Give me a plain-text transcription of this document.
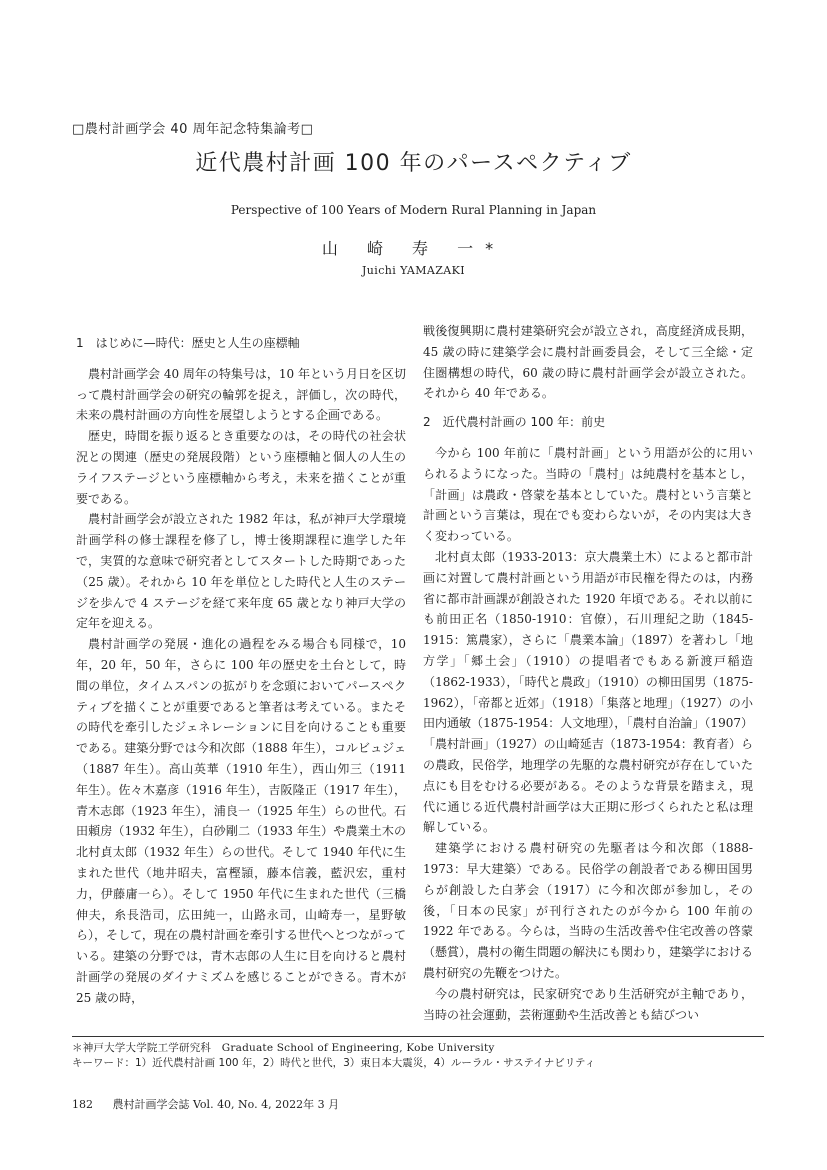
□農村計画学会 40 周年記念特集論考□
近代農村計画 100 年のパースペクティブ
Perspective of 100 Years of Modern Rural Planning in Japan
山 崎 寿 一*
Juichi YAMAZAKI
1　はじめに—時代：歴史と人生の座標軸

農村計画学会 40 周年の特集号は，10 年という月日を区切って農村計画学会の研究の輪郭を捉え，評価し，次の時代，未来の農村計画の方向性を展望しようとする企画である。

歴史，時間を振り返るとき重要なのは，その時代の社会状況との関連（歴史の発展段階）という座標軸と個人の人生のライフステージという座標軸から考え，未来を描くことが重要である。

農村計画学会が設立された 1982 年は，私が神戸大学環境計画学科の修士課程を修了し，博士後期課程に進学した年で，実質的な意味で研究者としてスタートした時期であった（25 歳）。それから 10 年を単位とした時代と人生のステージを歩んで 4 ステージを経て来年度 65 歳となり神戸大学の定年を迎える。

農村計画学の発展・進化の過程をみる場合も同様で，10 年，20 年，50 年，さらに 100 年の歴史を土台として，時間の単位，タイムスパンの拡がりを念頭においてパースペクティブを描くことが重要であると筆者は考えている。またその時代を牽引したジェネレーションに目を向けることも重要である。建築分野では今和次郎（1888 年生），コルビュジェ（1887 年生）。高山英華（1910 年生），西山夘三（1911 年生）。佐々木嘉彦（1916 年生），吉阪隆正（1917 年生），青木志郎（1923 年生），浦良一（1925 年生）らの世代。石田頼房（1932 年生），白砂剛二（1933 年生）や農業土木の北村貞太郎（1932 年生）らの世代。そして 1940 年代に生まれた世代（地井昭夫，富樫頴，藤本信義，藍沢宏，重村力，伊藤庸一ら）。そして 1950 年代に生まれた世代（三橋伸夫，糸長浩司，広田純一，山路永司，山崎寿一，星野敏ら），そして，現在の農村計画を牽引する世代へとつながっている。建築の分野では，青木志郎の人生に目を向けると農村計画学の発展のダイナミズムを感じることができる。青木が 25 歳の時，

戦後復興期に農村建築研究会が設立され，高度経済成長期，45 歳の時に建築学会に農村計画委員会，そして三全総・定住圏構想の時代，60 歳の時に農村計画学会が設立された。それから 40 年である。

2　近代農村計画の 100 年：前史

今から 100 年前に「農村計画」という用語が公的に用いられるようになった。当時の「農村」は純農村を基本とし，「計画」は農政・啓蒙を基本としていた。農村という言葉と計画という言葉は，現在でも変わらないが，その内実は大きく変わっている。

北村貞太郎（1933-2013：京大農業土木）によると都市計画に対置して農村計画という用語が市民権を得たのは，内務省に都市計画課が創設された 1920 年頃である。それ以前にも前田正名（1850-1910：官僚），石川理紀之助（1845-1915：篤農家），さらに「農業本論」（1897）を著わし「地方学」「郷土会」（1910）の提唱者でもある新渡戸稲造（1862-1933），「時代と農政」（1910）の柳田国男（1875-1962），「帝都と近郊」（1918）「集落と地理」（1927）の小田内通敏（1875-1954：人文地理），「農村自治論」（1907）「農村計画」（1927）の山崎延吉（1873-1954：教育者）らの農政，民俗学，地理学の先駆的な農村研究が存在していた点にも目をむける必要がある。そのような背景を踏まえ，現代に通じる近代農村計画学は大正期に形づくられたと私は理解している。

建築学における農村研究の先駆者は今和次郎（1888-1973：早大建築）である。民俗学の創設者である柳田国男らが創設した白茅会（1917）に今和次郎が参加し，その後，「日本の民家」が刊行されたのが今から 100 年前の 1922 年である。今らは，当時の生活改善や住宅改善の啓蒙（懸賞），農村の衛生問題の解決にも関わり，建築学における農村研究の先鞭をつけた。

今の農村研究は，民家研究であり生活研究が主軸であり，当時の社会運動，芸術運動や生活改善とも結びつい

＊神戸大学大学院工学研究科　Graduate School of Engineering, Kobe University
キーワード：1）近代農村計画 100 年，2）時代と世代，3）東日本大震災，4）ルーラル・サステイナビリティ
182 農村計画学会誌 Vol. 40, No. 4, 2022年 3 月
